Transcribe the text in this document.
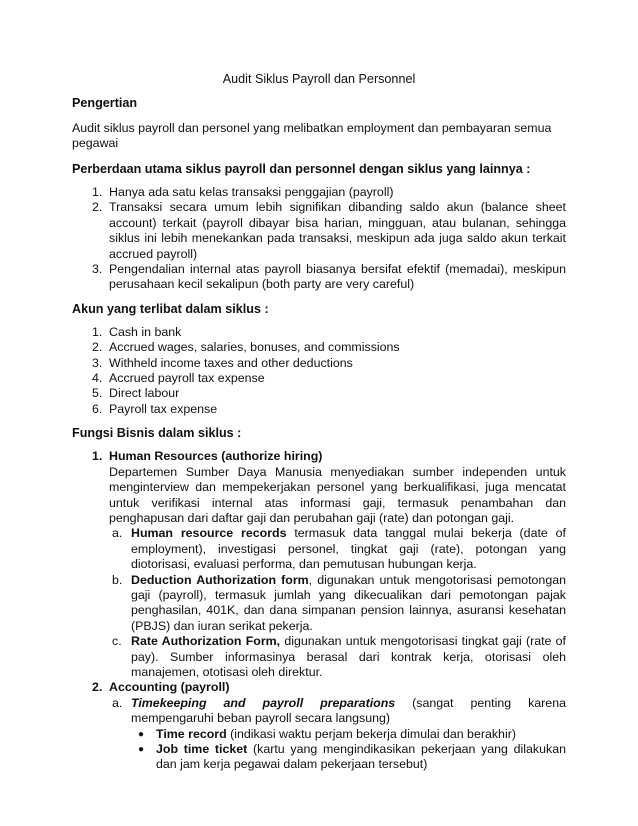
Audit Siklus Payroll dan Personnel

Pengertian

Audit siklus payroll dan personel yang melibatkan employment dan pembayaran semua pegawai

Perberdaan utama siklus payroll dan personnel dengan siklus yang lainnya :

1. Hanya ada satu kelas transaksi penggajian (payroll)
2. Transaksi secara umum lebih signifikan dibanding saldo akun (balance sheet account) terkait (payroll dibayar bisa harian, mingguan, atau bulanan, sehingga siklus ini lebih menekankan pada transaksi, meskipun ada juga saldo akun terkait accrued payroll)
3. Pengendalian internal atas payroll biasanya bersifat efektif (memadai), meskipun perusahaan kecil sekalipun (both party are very careful)

Akun yang terlibat dalam siklus :

1. Cash in bank
2. Accrued wages, salaries, bonuses, and commissions
3. Withheld income taxes and other deductions
4. Accrued payroll tax expense
5. Direct labour
6. Payroll tax expense

Fungsi Bisnis dalam siklus :

1. Human Resources (authorize hiring)
Departemen Sumber Daya Manusia menyediakan sumber independen untuk menginterview dan mempekerjakan personel yang berkualifikasi, juga mencatat untuk verifikasi internal atas informasi gaji, termasuk penambahan dan penghapusan dari daftar gaji dan perubahan gaji (rate) dan potongan gaji.
a. Human resource records termasuk data tanggal mulai bekerja (date of employment), investigasi personel, tingkat gaji (rate), potongan yang diotorisasi, evaluasi performa, dan pemutusan hubungan kerja.
b. Deduction Authorization form, digunakan untuk mengotorisasi pemotongan gaji (payroll), termasuk jumlah yang dikecualikan dari pemotongan pajak penghasilan, 401K, dan dana simpanan pension lainnya, asuransi kesehatan (PBJS) dan iuran serikat pekerja.
c. Rate Authorization Form, digunakan untuk mengotorisasi tingkat gaji (rate of pay). Sumber informasinya berasal dari kontrak kerja, otorisasi oleh manajemen, ototisasi oleh direktur.
2. Accounting (payroll)
a. Timekeeping and payroll preparations (sangat penting karena mempengaruhi beban payroll secara langsung)
● Time record (indikasi waktu perjam bekerja dimulai dan berakhir)
● Job time ticket (kartu yang mengindikasikan pekerjaan yang dilakukan dan jam kerja pegawai dalam pekerjaan tersebut)
